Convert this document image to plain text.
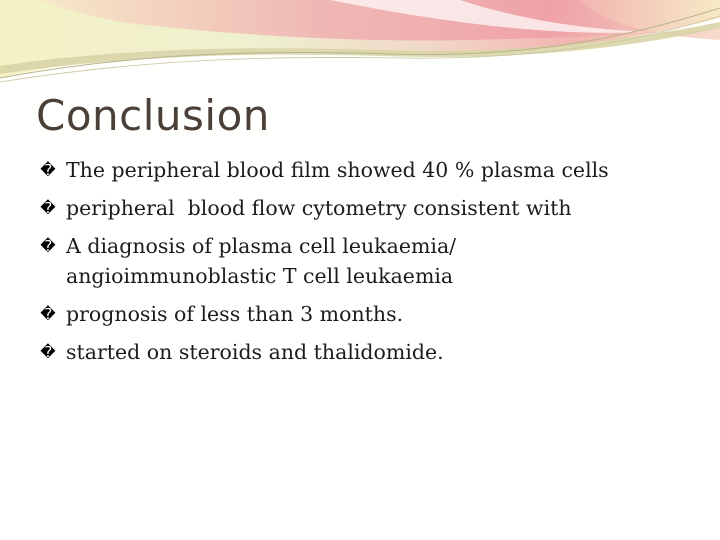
Conclusion
� The peripheral blood film showed 40 % plasma cells
� peripheral  blood flow cytometry consistent with
� A diagnosis of plasma cell leukaemia/
angioimmunoblastic T cell leukaemia
� prognosis of less than 3 months.
� started on steroids and thalidomide.
